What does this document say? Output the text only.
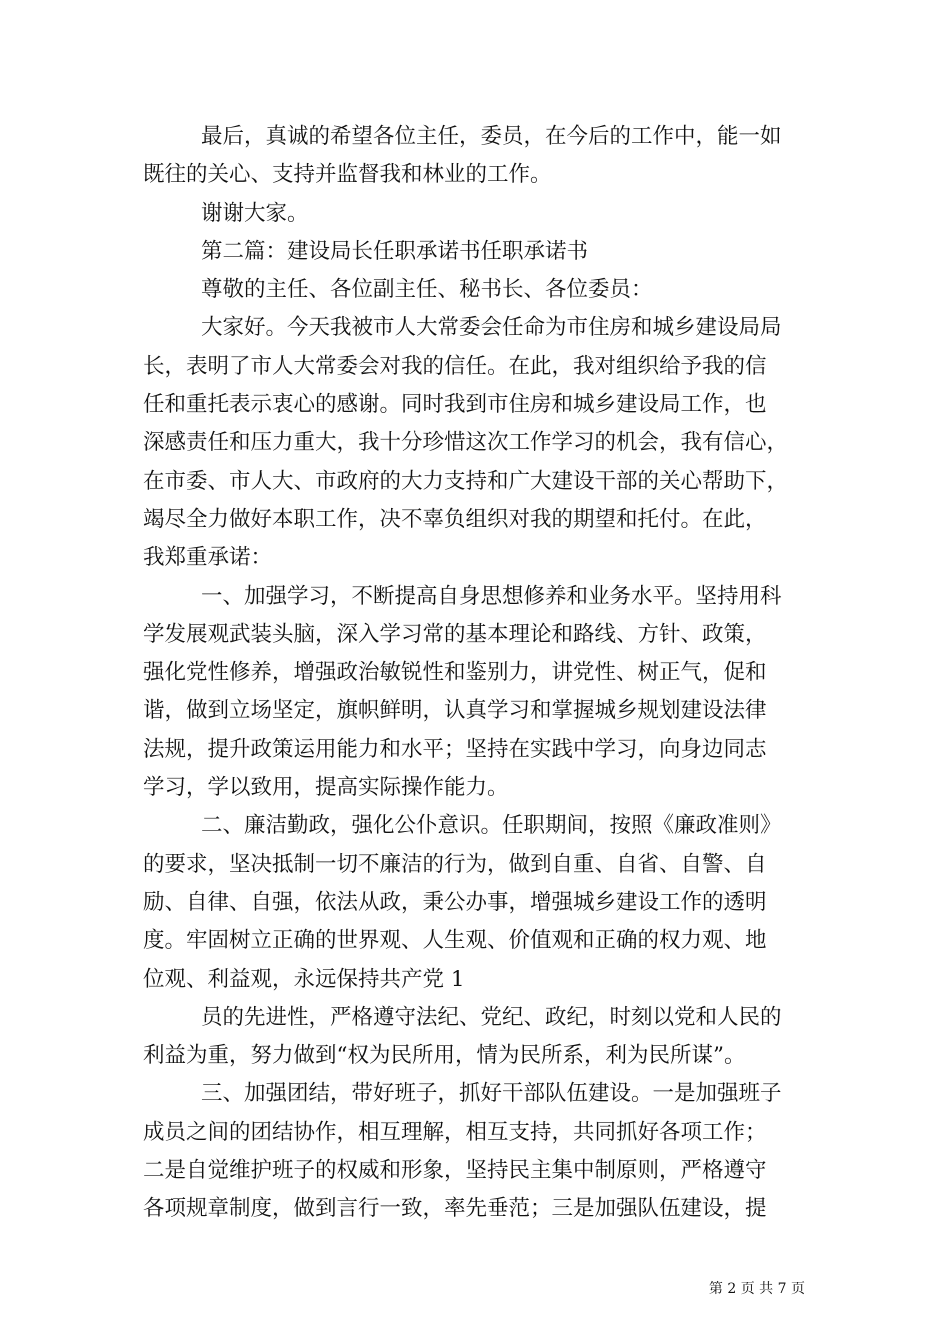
最后，真诚的希望各位主任，委员，在今后的工作中，能一如
既往的关心、支持并监督我和林业的工作。
谢谢大家。
第二篇：建设局长任职承诺书任职承诺书
尊敬的主任、各位副主任、秘书长、各位委员：
大家好。今天我被市人大常委会任命为市住房和城乡建设局局
长，表明了市人大常委会对我的信任。在此，我对组织给予我的信
任和重托表示衷心的感谢。同时我到市住房和城乡建设局工作，也
深感责任和压力重大，我十分珍惜这次工作学习的机会，我有信心，
在市委、市人大、市政府的大力支持和广大建设干部的关心帮助下，
竭尽全力做好本职工作，决不辜负组织对我的期望和托付。在此，
我郑重承诺：
一、加强学习，不断提高自身思想修养和业务水平。坚持用科
学发展观武装头脑，深入学习常的基本理论和路线、方针、政策，
强化党性修养，增强政治敏锐性和鉴别力，讲党性、树正气，促和
谐，做到立场坚定，旗帜鲜明，认真学习和掌握城乡规划建设法律
法规，提升政策运用能力和水平；坚持在实践中学习，向身边同志
学习，学以致用，提高实际操作能力。
二、廉洁勤政，强化公仆意识。任职期间，按照《廉政准则》
的要求，坚决抵制一切不廉洁的行为，做到自重、自省、自警、自
励、自律、自强，依法从政，秉公办事，增强城乡建设工作的透明
度。牢固树立正确的世界观、人生观、价值观和正确的权力观、地
位观、利益观，永远保持共产党 1
员的先进性，严格遵守法纪、党纪、政纪，时刻以党和人民的
利益为重，努力做到“权为民所用，情为民所系，利为民所谋”。
三、加强团结，带好班子，抓好干部队伍建设。一是加强班子
成员之间的团结协作，相互理解，相互支持，共同抓好各项工作；
二是自觉维护班子的权威和形象，坚持民主集中制原则，严格遵守
各项规章制度，做到言行一致，率先垂范；三是加强队伍建设，提
第 2 页 共 7 页
